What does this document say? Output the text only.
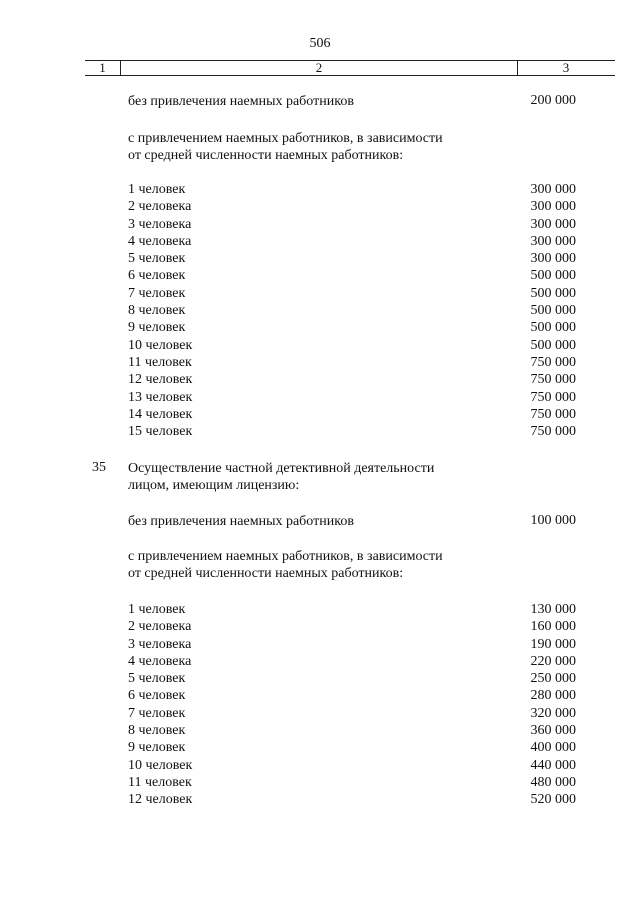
506
1	2	3
без привлечения наемных работников	200 000
с привлечением наемных работников, в зависимости
от средней численности наемных работников:
1 человек	300 000
2 человека	300 000
3 человека	300 000
4 человека	300 000
5 человек	300 000
6 человек	500 000
7 человек	500 000
8 человек	500 000
9 человек	500 000
10 человек	500 000
11 человек	750 000
12 человек	750 000
13 человек	750 000
14 человек	750 000
15 человек	750 000
35 Осуществление частной детективной деятельности
лицом, имеющим лицензию:
без привлечения наемных работников	100 000
с привлечением наемных работников, в зависимости
от средней численности наемных работников:
1 человек	130 000
2 человека	160 000
3 человека	190 000
4 человека	220 000
5 человек	250 000
6 человек	280 000
7 человек	320 000
8 человек	360 000
9 человек	400 000
10 человек	440 000
11 человек	480 000
12 человек	520 000
